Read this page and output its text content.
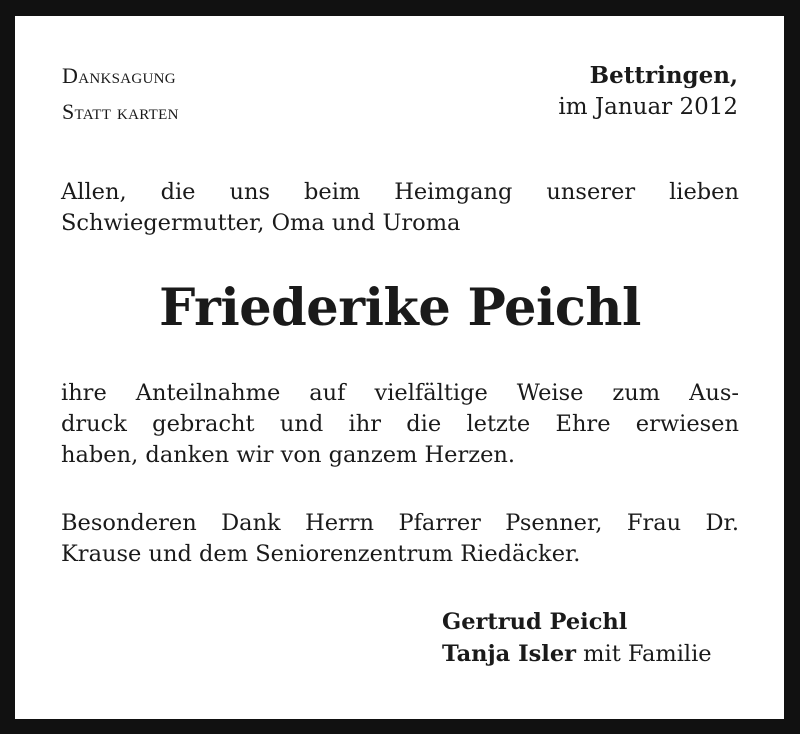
Danksagung
Statt karten
Bettringen,
im Januar 2012
Allen, die uns beim Heimgang unserer lieben
Schwiegermutter, Oma und Uroma
Friederike Peichl
ihre Anteilnahme auf vielfältige Weise zum Aus-
druck gebracht und ihr die letzte Ehre erwiesen
haben, danken wir von ganzem Herzen.
Besonderen Dank Herrn Pfarrer Psenner, Frau Dr.
Krause und dem Seniorenzentrum Riedäcker.
Gertrud Peichl
Tanja Isler mit Familie
